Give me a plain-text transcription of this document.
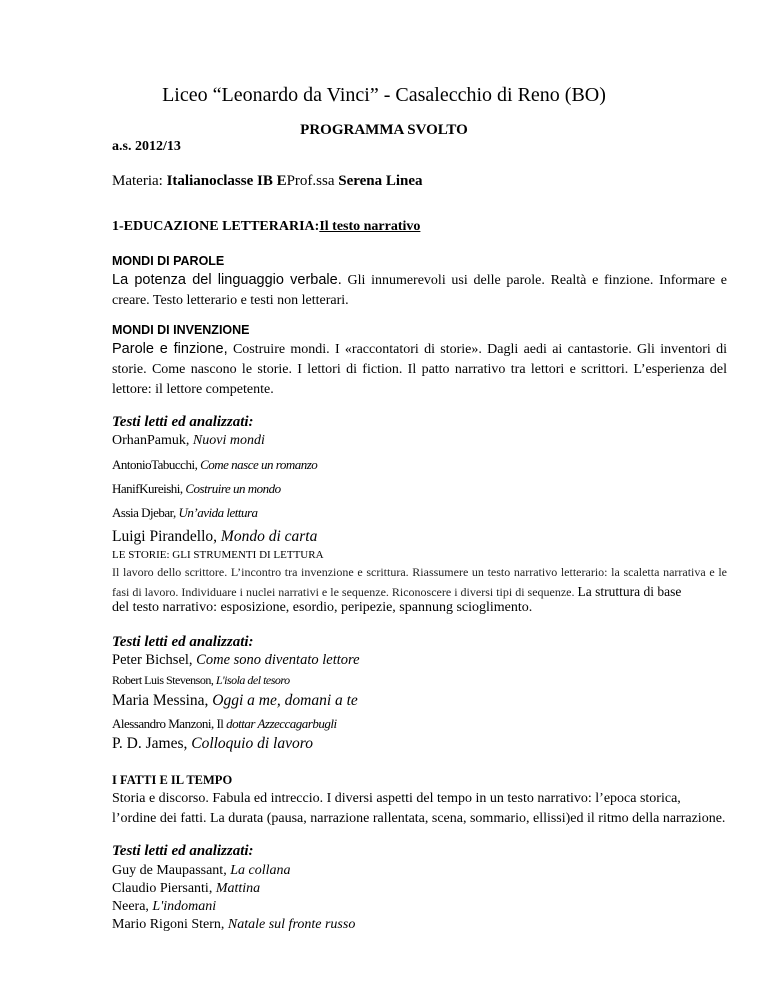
Liceo “Leonardo da Vinci” - Casalecchio di Reno (BO)
PROGRAMMA SVOLTO
a.s. 2012/13
Materia: Italianoclasse IB EProf.ssa Serena Linea
1-EDUCAZIONE LETTERARIA:Il testo narrativo
MONDI DI PAROLE
La potenza del linguaggio verbale. Gli innumerevoli usi delle parole. Realtà e finzione. Informare e creare. Testo letterario e testi non letterari.
MONDI DI INVENZIONE
Parole e finzione, Costruire mondi. I «raccontatori di storie». Dagli aedi ai cantastorie. Gli inventori di storie. Come nascono le storie. I lettori di fiction. Il patto narrativo tra lettori e scrittori. L’esperienza del lettore: il lettore competente.
Testi letti ed analizzati:
OrhanPamuk, Nuovi mondi
AntonioTabucchi, Come nasce un romanzo
HanifKureishi, Costruire un mondo
Assia Djebar, Un’avida lettura
Luigi Pirandello, Mondo di carta
LE STORIE: GLI STRUMENTI DI LETTURA
Il lavoro dello scrittore. L’incontro tra invenzione e scrittura. Riassumere un testo narrativo letterario: la scaletta narrativa e le fasi di lavoro. Individuare i nuclei narrativi e le sequenze. Riconoscere i diversi tipi di sequenze. La struttura di base
del testo narrativo: esposizione, esordio, peripezie, spannung scioglimento.
Testi letti ed analizzati:
Peter Bichsel, Come sono diventato lettore
Robert Luis Stevenson, L'isola del tesoro
Maria Messina, Oggi a me, domani a te
Alessandro Manzoni, Il dottar Azzeccagarbugli
P. D. James, Colloquio di lavoro
I FATTI E IL TEMPO
Storia e discorso. Fabula ed intreccio. I diversi aspetti del tempo in un testo narrativo: l’epoca storica, l’ordine dei fatti. La durata (pausa, narrazione rallentata, scena, sommario, ellissi)ed il ritmo della narrazione.
Testi letti ed analizzati:
Guy de Maupassant, La collana
Claudio Piersanti, Mattina
Neera, L'indomani
Mario Rigoni Stern, Natale sul fronte russo
